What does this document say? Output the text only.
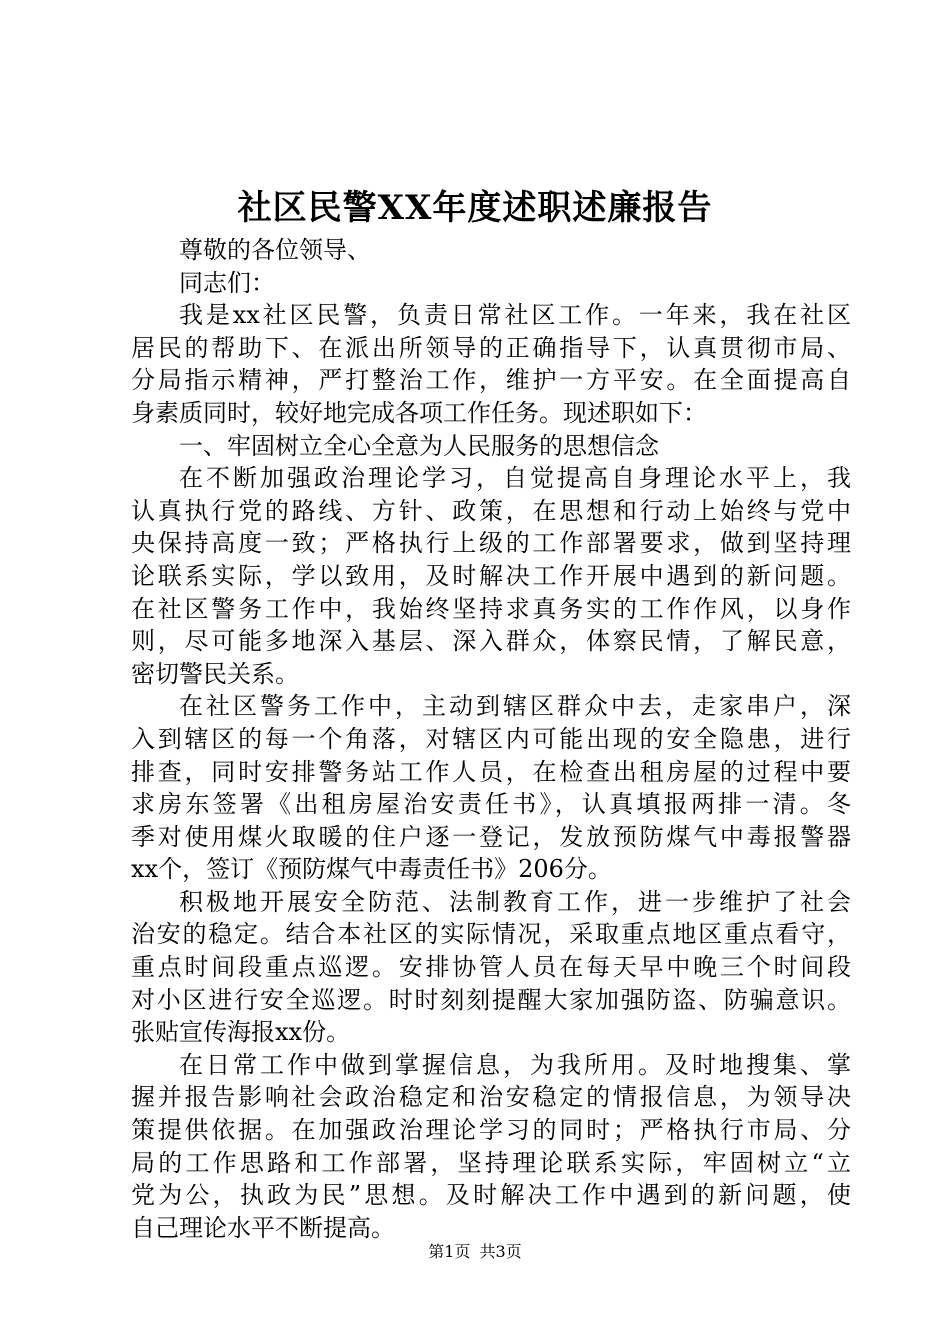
社区民警XX年度述职述廉报告
尊敬的各位领导、
同志们：
我是xx社区民警，负责日常社区工作。一年来，我在社区
居民的帮助下、在派出所领导的正确指导下，认真贯彻市局、
分局指示精神，严打整治工作，维护一方平安。在全面提高自
身素质同时，较好地完成各项工作任务。现述职如下：
一、牢固树立全心全意为人民服务的思想信念
在不断加强政治理论学习，自觉提高自身理论水平上，我
认真执行党的路线、方针、政策，在思想和行动上始终与党中
央保持高度一致；严格执行上级的工作部署要求，做到坚持理
论联系实际，学以致用，及时解决工作开展中遇到的新问题。
在社区警务工作中，我始终坚持求真务实的工作作风，以身作
则，尽可能多地深入基层、深入群众，体察民情，了解民意，
密切警民关系。
在社区警务工作中，主动到辖区群众中去，走家串户，深
入到辖区的每一个角落，对辖区内可能出现的安全隐患，进行
排查，同时安排警务站工作人员，在检查出租房屋的过程中要
求房东签署《出租房屋治安责任书》，认真填报两排一清。冬
季对使用煤火取暖的住户逐一登记，发放预防煤气中毒报警器
xx个，签订《预防煤气中毒责任书》206分。
积极地开展安全防范、法制教育工作，进一步维护了社会
治安的稳定。结合本社区的实际情况，采取重点地区重点看守，
重点时间段重点巡逻。安排协管人员在每天早中晚三个时间段
对小区进行安全巡逻。时时刻刻提醒大家加强防盗、防骗意识。
张贴宣传海报xx份。
在日常工作中做到掌握信息，为我所用。及时地搜集、掌
握并报告影响社会政治稳定和治安稳定的情报信息，为领导决
策提供依据。在加强政治理论学习的同时；严格执行市局、分
局的工作思路和工作部署，坚持理论联系实际，牢固树立“立
党为公，执政为民”思想。及时解决工作中遇到的新问题，使
自己理论水平不断提高。
第1页 共3页
